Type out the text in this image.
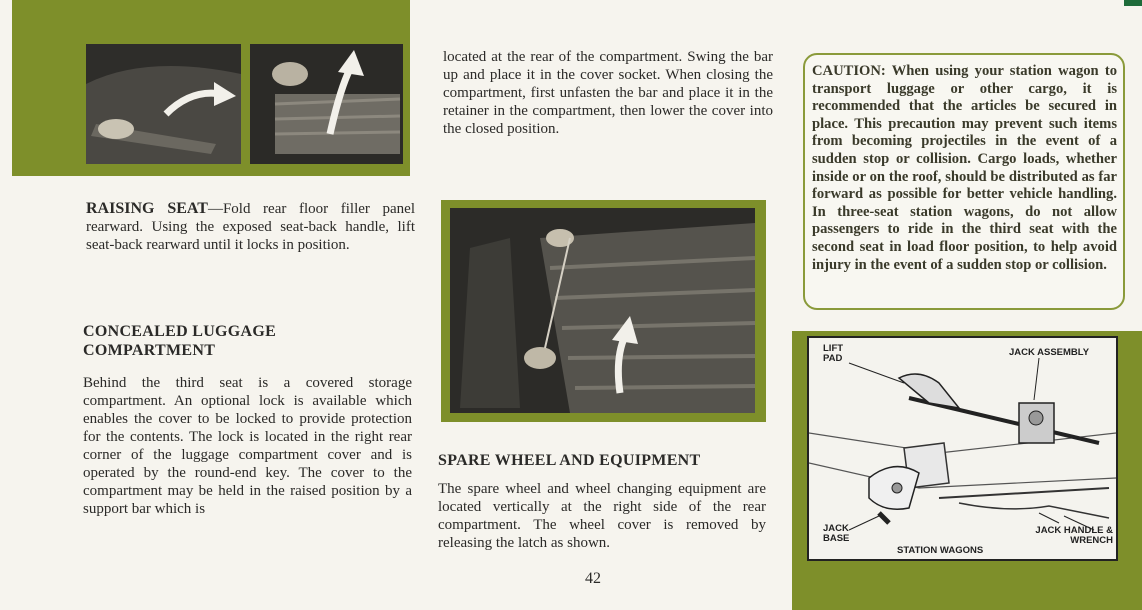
RAISING SEAT—Fold rear floor filler panel rearward. Using the exposed seat-back handle, lift seat-back rearward until it locks in position.

CONCEALED LUGGAGE COMPARTMENT

Behind the third seat is a covered storage compartment. An optional lock is available which enables the cover to be locked to provide protection for the contents. The lock is located in the right rear corner of the luggage compartment cover and is operated by the round-end key. The cover to the compartment may be held in the raised position by a support bar which is

located at the rear of the compartment. Swing the bar up and place it in the cover socket. When closing the compartment, first unfasten the bar and place it in the retainer in the compartment, then lower the cover into the closed position.

SPARE WHEEL AND EQUIPMENT

The spare wheel and wheel changing equipment are located vertically at the right side of the rear compartment. The wheel cover is removed by releasing the latch as shown.

42

CAUTION: When using your station wagon to transport luggage or other cargo, it is recommended that the articles be secured in place. This precaution may prevent such items from becoming projectiles in the event of a sudden stop or collision. Cargo loads, whether inside or on the roof, should be distributed as far forward as possible for better vehicle handling. In three-seat station wagons, do not allow passengers to ride in the third seat with the second seat in load floor position, to help avoid injury in the event of a sudden stop or collision.

LIFT PAD
JACK ASSEMBLY
JACK BASE
JACK HANDLE & WRENCH
STATION WAGONS
